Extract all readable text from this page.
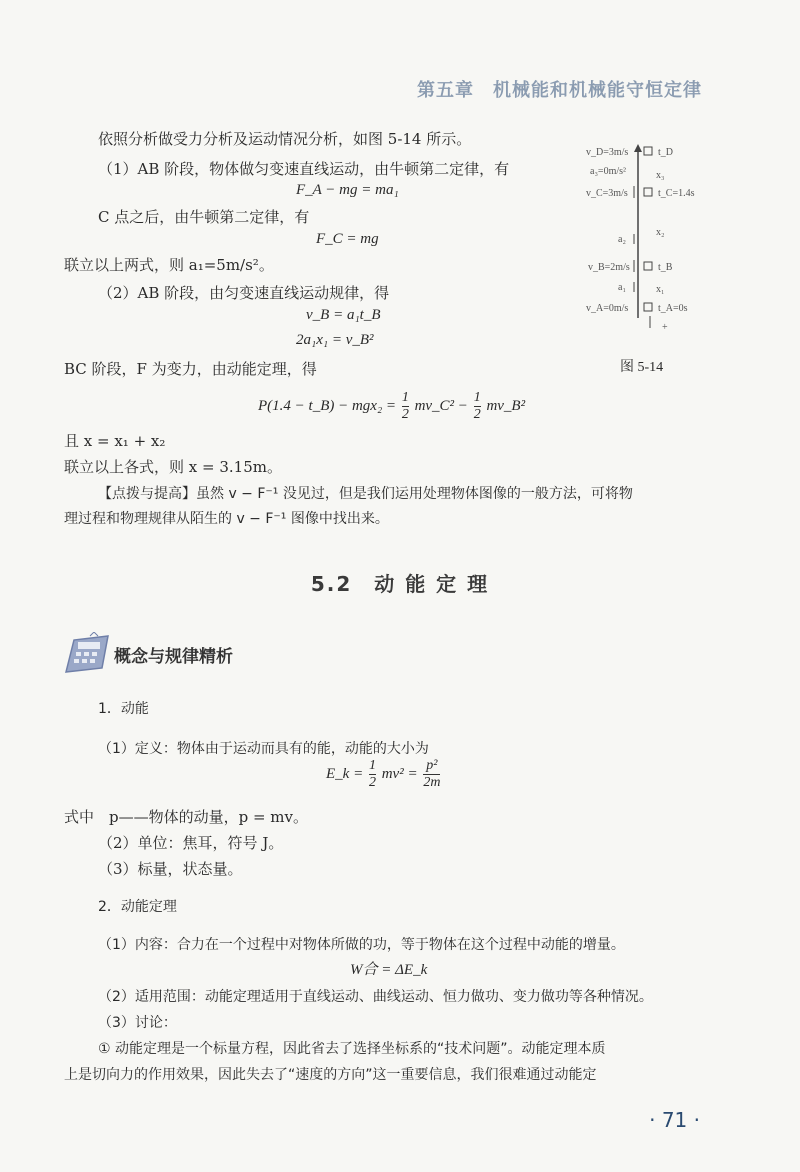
第五章　机械能和机械能守恒定律
依照分析做受力分析及运动情况分析，如图 5-14 所示。
（1）AB 阶段，物体做匀变速直线运动，由牛顿第二定律，有
F_A − mg = ma₁
C 点之后，由牛顿第二定律，有
F_C = mg
联立以上两式，则 a₁=5m/s²。
（2）AB 阶段，由匀变速直线运动规律，得
v_B = a₁t_B
2a₁x₁ = v_B²
BC 阶段，F 为变力，由动能定理，得
P(1.4 − t_B) − $mgx_2 = \frac{1}{2}$ mv_C² − $\frac{1}{2}$ mv_B²
且 x = x₁ + x₂
联立以上各式，则 x = 3.15m。
【点拨与提高】虽然 v − F⁻¹ 没见过，但是我们运用处理物体图像的一般方法，可将物
理过程和物理规律从陌生的 v − F⁻¹ 图像中找出来。
v_D=3m/s	t_D
a₃=0m/s²	x₃
v_C=3m/s	t_C=1.4s
x₂
a₂
v_B=2m/s	t_B
a₁	x₁
v_A=0m/s	t_A=0s
+
图 5-14
5.2　动 能 定 理
概念与规律精析
1．动能
（1）定义：物体由于运动而具有的能，动能的大小为
E_k = $\frac{1}{2} mv^2 = \frac{\text{p²}}{2m}$
式中　p——物体的动量，p = mv。
（2）单位：焦耳，符号 J。
（3）标量，状态量。
2．动能定理
（1）内容：合力在一个过程中对物体所做的功，等于物体在这个过程中动能的增量。
W合 = ΔE_k
（2）适用范围：动能定理适用于直线运动、曲线运动、恒力做功、变力做功等各种情况。
（3）讨论：
① 动能定理是一个标量方程，因此省去了选择坐标系的“技术问题”。动能定理本质
上是切向力的作用效果，因此失去了“速度的方向”这一重要信息，我们很难通过动能定
· 71 ·
